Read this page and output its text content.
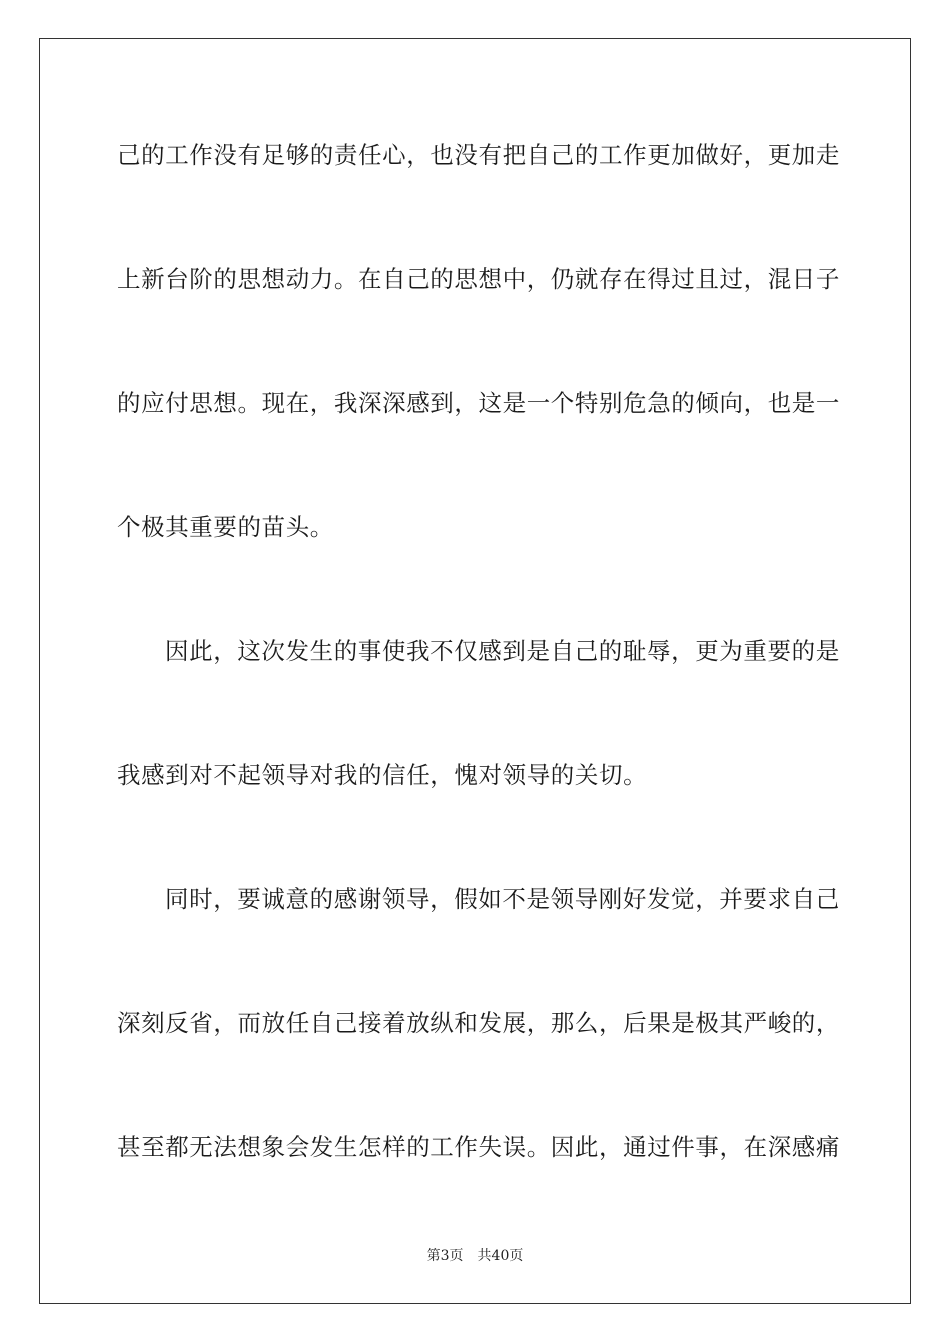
己的工作没有足够的责任心，也没有把自己的工作更加做好，更加走
上新台阶的思想动力。在自己的思想中，仍就存在得过且过，混日子
的应付思想。现在，我深深感到，这是一个特别危急的倾向，也是一
个极其重要的苗头。
因此，这次发生的事使我不仅感到是自己的耻辱，更为重要的是
我感到对不起领导对我的信任，愧对领导的关切。
同时，要诚意的感谢领导，假如不是领导刚好发觉，并要求自己
深刻反省，而放任自己接着放纵和发展，那么，后果是极其严峻的，
甚至都无法想象会发生怎样的工作失误。因此，通过件事，在深感痛
第3页 共40页
